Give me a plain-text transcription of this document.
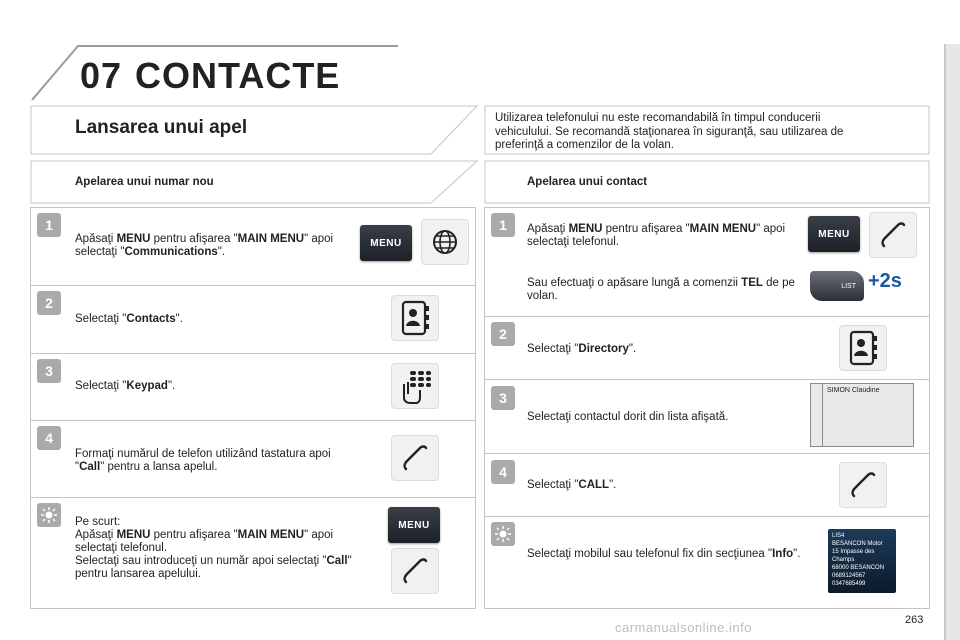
07 CONTACTE
Lansarea unui apel	Utilizarea telefonului nu este recomandabilă în timpul conducerii vehiculului. Se recomandă staţionarea în siguranţă, sau utilizarea de preferinţă a comenzilor de la volan.
Apelarea unui numar nou	Apelarea unui contact
1
Apăsaţi MENU pentru afişarea "MAIN MENU" apoi selectaţi "Communications".
MENU
2
Selectaţi "Contacts".
3
Selectaţi "Keypad".
4
Formaţi numărul de telefon utilizând tastatura apoi "Call" pentru a lansa apelul.
Pe scurt:
Apăsaţi MENU pentru afişarea "MAIN MENU" apoi selectaţi telefonul.
Selectaţi sau introduceţi un număr apoi selectaţi "Call" pentru lansarea apelului.
MENU
1	Apăsaţi MENU pentru afişarea "MAIN MENU" apoi selectaţi telefonul.
MENU
Sau efectuaţi o apăsare lungă a comenzii TEL de pe volan.
LIST +2s
2
Selectaţi "Directory".
3
Selectaţi contactul dorit din lista afişată.
SIMON Claudine
4
Selectaţi "CALL".
Selectaţi mobilul sau telefonul fix din secţiunea "Info".
LIS4
BESANCON Motor
15 Impasse des Champs
68000 BESANCON
0689124567
0347685499
carmanualsonline.info	263
